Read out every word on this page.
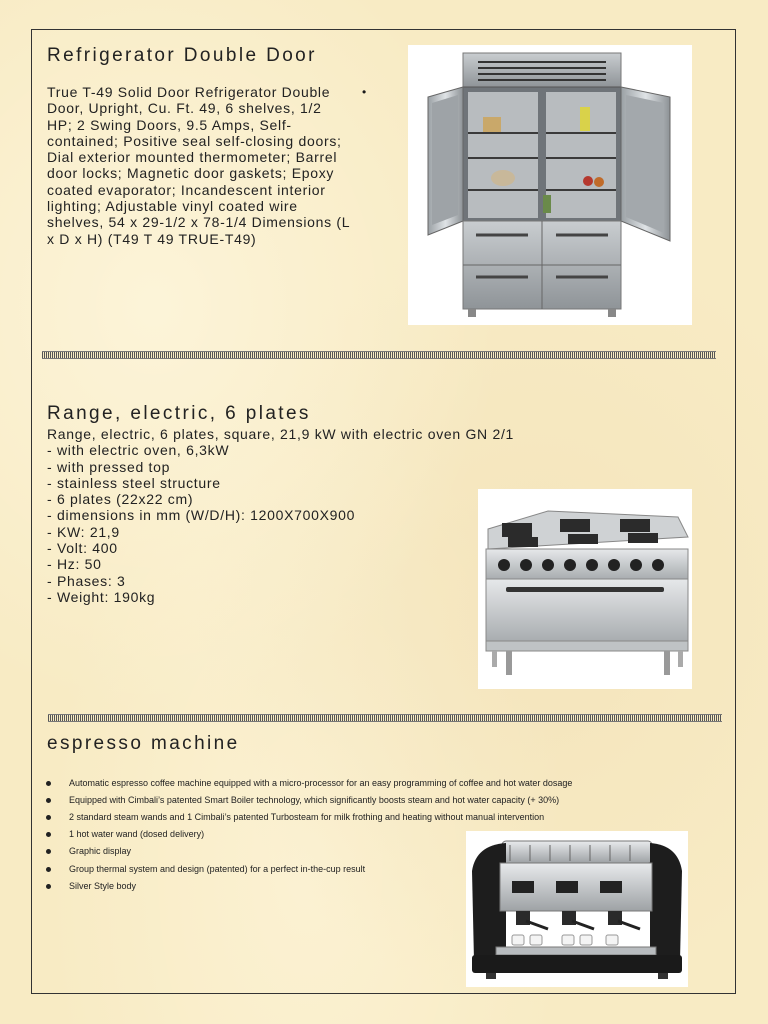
Refrigerator Double Door
True T-49 Solid Door Refrigerator Double Door, Upright, Cu. Ft. 49, 6 shelves, 1/2 HP; 2 Swing Doors, 9.5 Amps, Self-contained; Positive seal self-closing doors; Dial exterior mounted thermometer; Barrel door locks; Magnetic door gaskets; Epoxy coated evaporator; Incandescent interior lighting; Adjustable vinyl coated wire shelves, 54 x 29-1/2 x 78-1/4 Dimensions (L x D x H) (T49 T 49 TRUE-T49)
•
Range, electric, 6 plates
Range, electric, 6 plates, square, 21,9 kW with electric oven GN 2/1
- with electric oven, 6,3kW
- with pressed top
- stainless steel structure
- 6 plates (22x22 cm)
- dimensions in mm (W/D/H): 1200X700X900
- KW: 21,9
- Volt: 400
- Hz: 50
- Phases: 3
- Weight: 190kg
espresso machine
Automatic espresso coffee machine equipped with a micro-processor for an easy programming of coffee and hot water dosage
Equipped with Cimbali’s patented Smart Boiler technology, which significantly boosts steam and hot water capacity (+ 30%)
2 standard steam wands and 1 Cimbali’s patented Turbosteam for milk frothing and heating without manual intervention
1 hot water wand (dosed delivery)
Graphic display
Group thermal system and design (patented) for a perfect in-the-cup result
Silver Style body
